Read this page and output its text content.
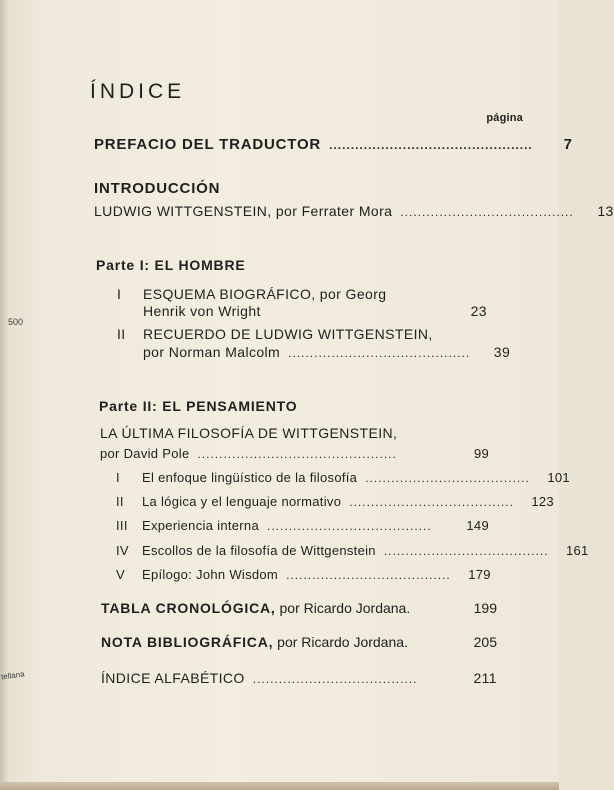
500
tellana
ÍNDICE
página
PREFACIO DEL TRADUCTOR ...............................................	7
INTRODUCCIÓN
LUDWIG WITTGENSTEIN, por Ferrater Mora ........................................	13
Parte I: EL HOMBRE
I ESQUEMA BIOGRÁFICO, por Georg
Henrik von Wright	23
II RECUERDO DE LUDWIG WITTGENSTEIN,
por Norman Malcolm ..........................................	39
Parte II: EL PENSAMIENTO
LA ÚLTIMA FILOSOFÍA DE WITTGENSTEIN,
por David Pole ..............................................	99
I El enfoque lingüístico de la filosofía ......................................	101
II La lógica y el lenguaje normativo ......................................	123
III Experiencia interna ......................................	149
IV Escollos de la filosofía de Wittgenstein ......................................	161
V Epílogo: John Wisdom ......................................	179
TABLA CRONOLÓGICA, por Ricardo Jordana.	199
NOTA BIBLIOGRÁFICA, por Ricardo Jordana.	205
ÍNDICE ALFABÉTICO ......................................	211
